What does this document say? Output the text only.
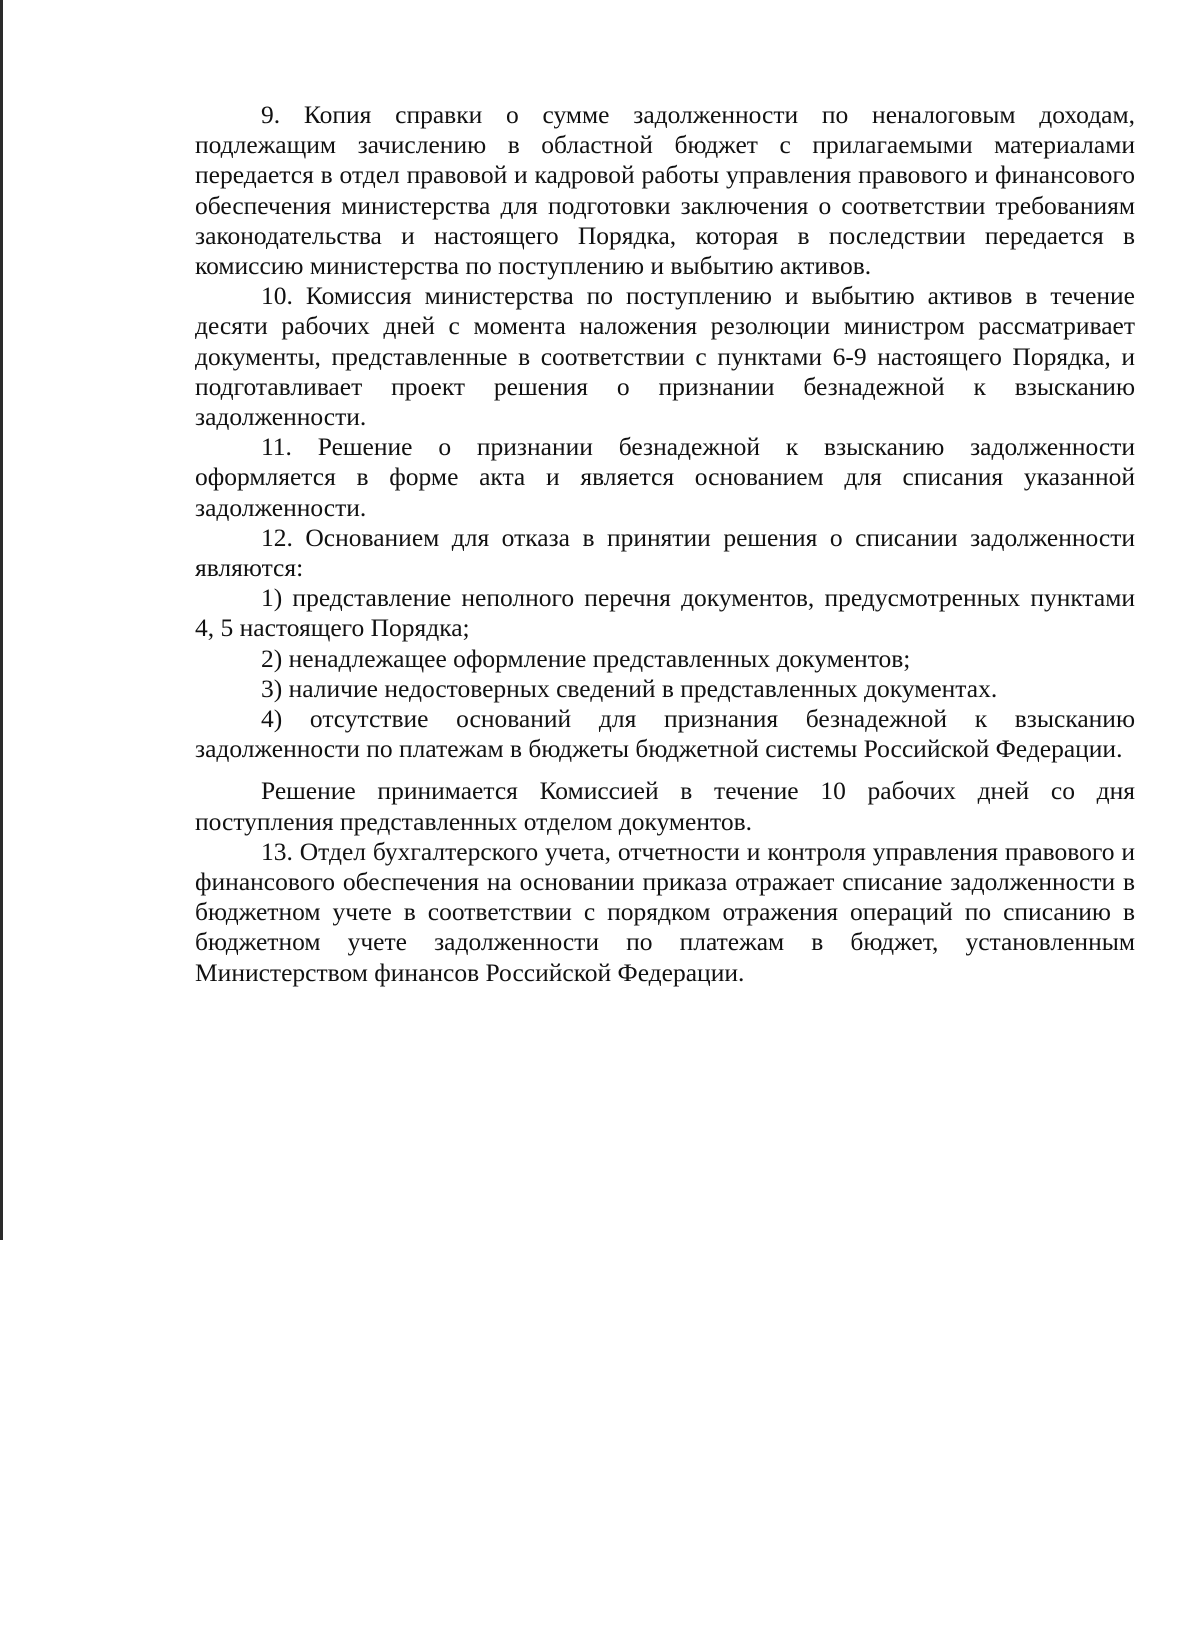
9. Копия справки о сумме задолженности по неналоговым доходам, подлежащим зачислению в областной бюджет с прилагаемыми материалами передается в отдел правовой и кадровой работы управления правового и финансового обеспечения министерства для подготовки заключения о соответствии требованиям законодательства и настоящего Порядка, которая в последствии передается в комиссию министерства по поступлению и выбытию активов.

10. Комиссия министерства по поступлению и выбытию активов в течение десяти рабочих дней с момента наложения резолюции министром рассматривает документы, представленные в соответствии с пунктами 6-9 настоящего Порядка, и подготавливает проект решения о признании безнадежной к взысканию задолженности.

11. Решение о признании безнадежной к взысканию задолженности оформляется в форме акта и является основанием для списания указанной задолженности.

12. Основанием для отказа в принятии решения о списании задолженности являются:

1) представление неполного перечня документов, предусмотренных пунктами 4, 5 настоящего Порядка;

2) ненадлежащее оформление представленных документов;

3) наличие недостоверных сведений в представленных документах.

4) отсутствие оснований для признания безнадежной к взысканию задолженности по платежам в бюджеты бюджетной системы Российской Федерации.

Решение принимается Комиссией в течение 10 рабочих дней со дня поступления представленных отделом документов.

13. Отдел бухгалтерского учета, отчетности и контроля управления правового и финансового обеспечения на основании приказа отражает списание задолженности в бюджетном учете в соответствии с порядком отражения операций по списанию в бюджетном учете задолженности по платежам в бюджет, установленным Министерством финансов Российской Федерации.
